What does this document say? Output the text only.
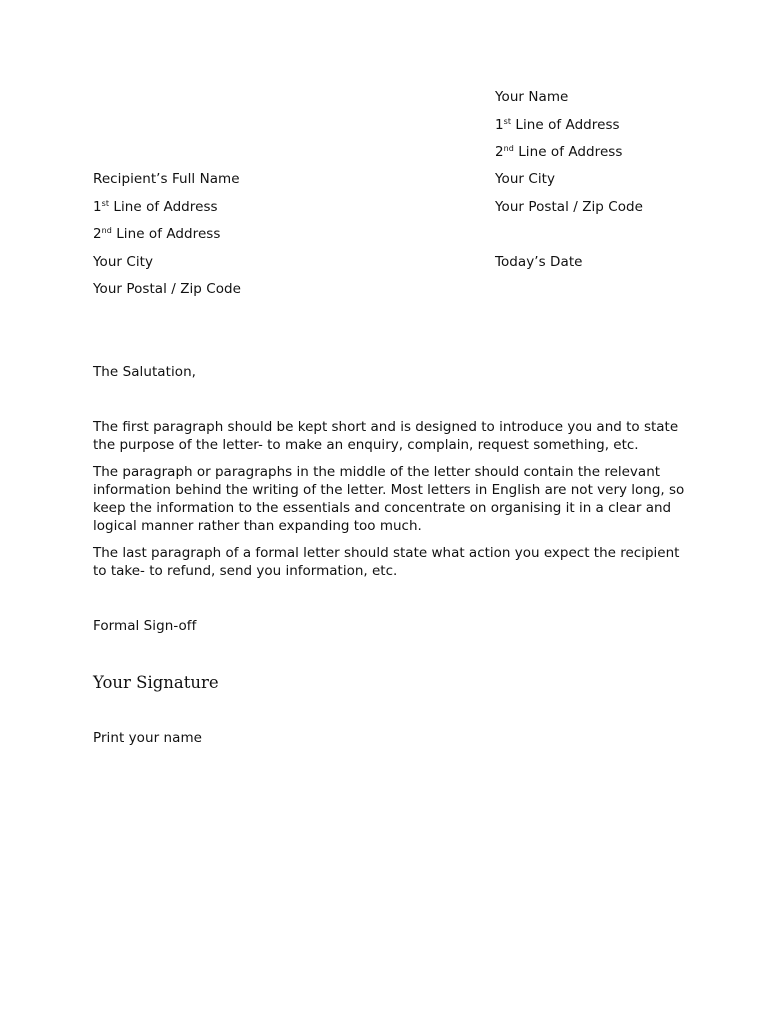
Your Name
1st Line of Address
2nd Line of Address
Your City
Your Postal / Zip Code
Today’s Date
Recipient’s Full Name
1st Line of Address
2nd Line of Address
Your City
Your Postal / Zip Code
The Salutation,
The first paragraph should be kept short and is designed to introduce you and to state the purpose of the letter- to make an enquiry, complain, request something, etc.
The paragraph or paragraphs in the middle of the letter should contain the relevant information behind the writing of the letter. Most letters in English are not very long, so keep the information to the essentials and concentrate on organising it in a clear and logical manner rather than expanding too much.
The last paragraph of a formal letter should state what action you expect the recipient to take- to refund, send you information, etc.
Formal Sign-off
Your Signature
Print your name
